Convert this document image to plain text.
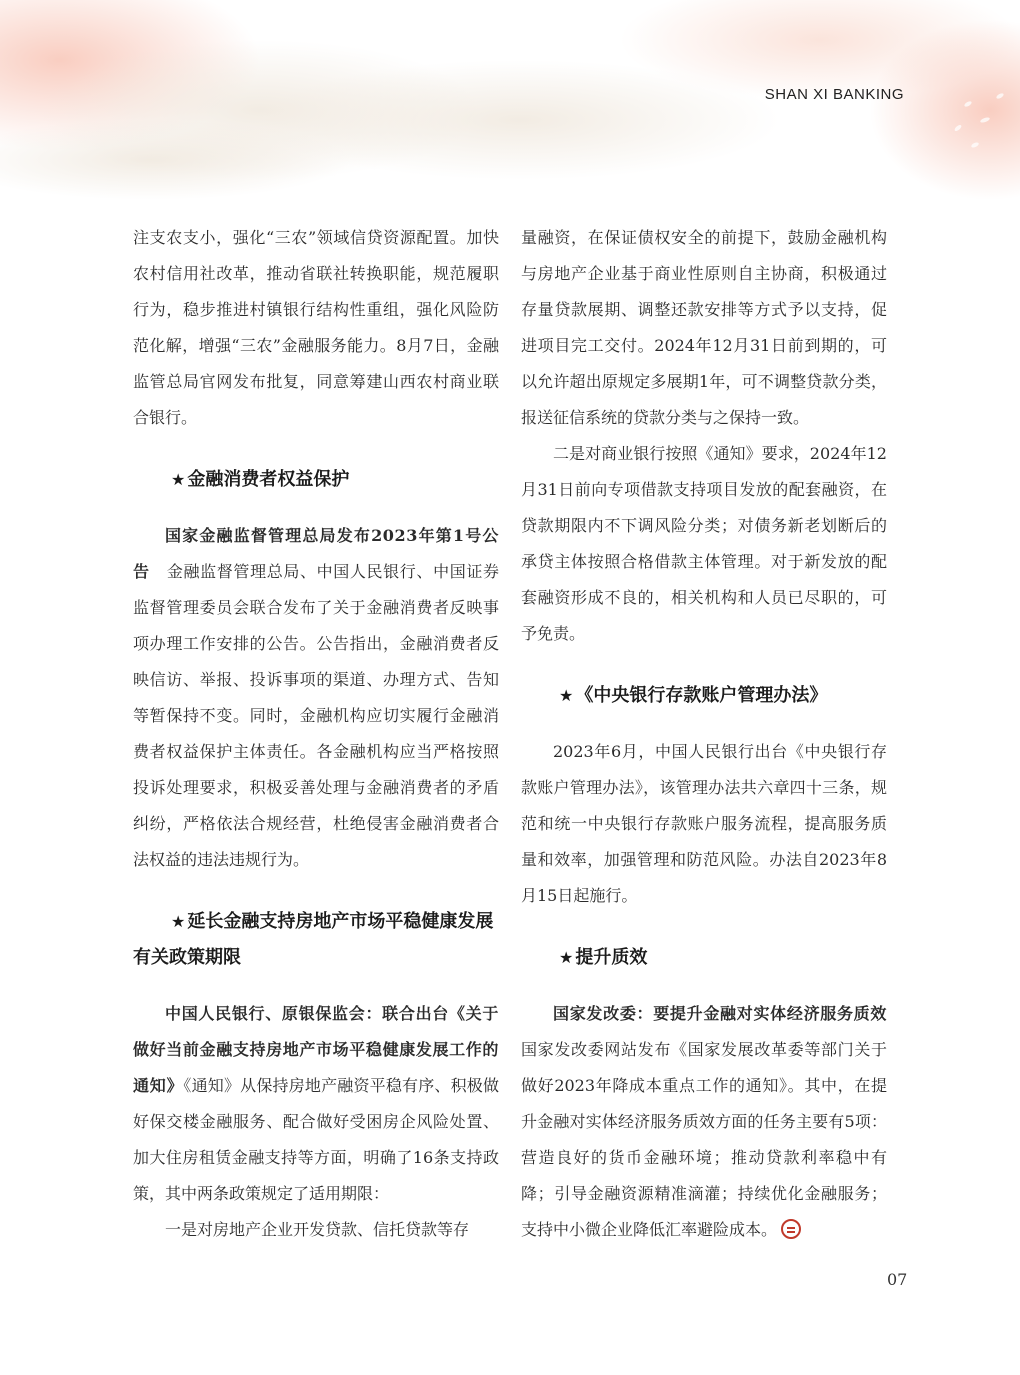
SHAN XI BANKING

注支农支小，强化“三农”领域信贷资源配置。加快农村信用社改革，推动省联社转换职能，规范履职行为，稳步推进村镇银行结构性重组，强化风险防范化解，增强“三农”金融服务能力。8月7日，金融监管总局官网发布批复，同意筹建山西农村商业联合银行。

★ 金融消费者权益保护

国家金融监督管理总局发布2023年第1号公告　 金融监督管理总局、中国人民银行、中国证券监督管理委员会联合发布了关于金融消费者反映事项办理工作安排的公告。公告指出，金融消费者反映信访、举报、投诉事项的渠道、办理方式、告知等暂保持不变。同时，金融机构应切实履行金融消费者权益保护主体责任。各金融机构应当严格按照投诉处理要求，积极妥善处理与金融消费者的矛盾纠纷，严格依法合规经营，杜绝侵害金融消费者合法权益的违法违规行为。

★ 延长金融支持房地产市场平稳健康发展有关政策期限

中国人民银行、原银保监会：联合出台《关于做好当前金融支持房地产市场平稳健康发展工作的通知》《通知》从保持房地产融资平稳有序、积极做好保交楼金融服务、配合做好受困房企风险处置、加大住房租赁金融支持等方面，明确了16条支持政策，其中两条政策规定了适用期限：

一是对房地产企业开发贷款、信托贷款等存

量融资，在保证债权安全的前提下，鼓励金融机构与房地产企业基于商业性原则自主协商，积极通过存量贷款展期、调整还款安排等方式予以支持，促进项目完工交付。2024年12月31日前到期的，可以允许超出原规定多展期1年，可不调整贷款分类，报送征信系统的贷款分类与之保持一致。

二是对商业银行按照《通知》要求，2024年12月31日前向专项借款支持项目发放的配套融资，在贷款期限内不下调风险分类；对债务新老划断后的承贷主体按照合格借款主体管理。对于新发放的配套融资形成不良的，相关机构和人员已尽职的，可予免责。

★ 《中央银行存款账户管理办法》

2023年6月，中国人民银行出台《中央银行存款账户管理办法》，该管理办法共六章四十三条，规范和统一中央银行存款账户服务流程，提高服务质量和效率，加强管理和防范风险。办法自2023年8月15日起施行。

★ 提升质效

国家发改委：要提升金融对实体经济服务质效　国家发改委网站发布《国家发展改革委等部门关于做好2023年降成本重点工作的通知》。其中，在提升金融对实体经济服务质效方面的任务主要有5项：营造良好的货币金融环境；推动贷款利率稳中有降；引导金融资源精准滴灌；持续优化金融服务；支持中小微企业降低汇率避险成本。

07
